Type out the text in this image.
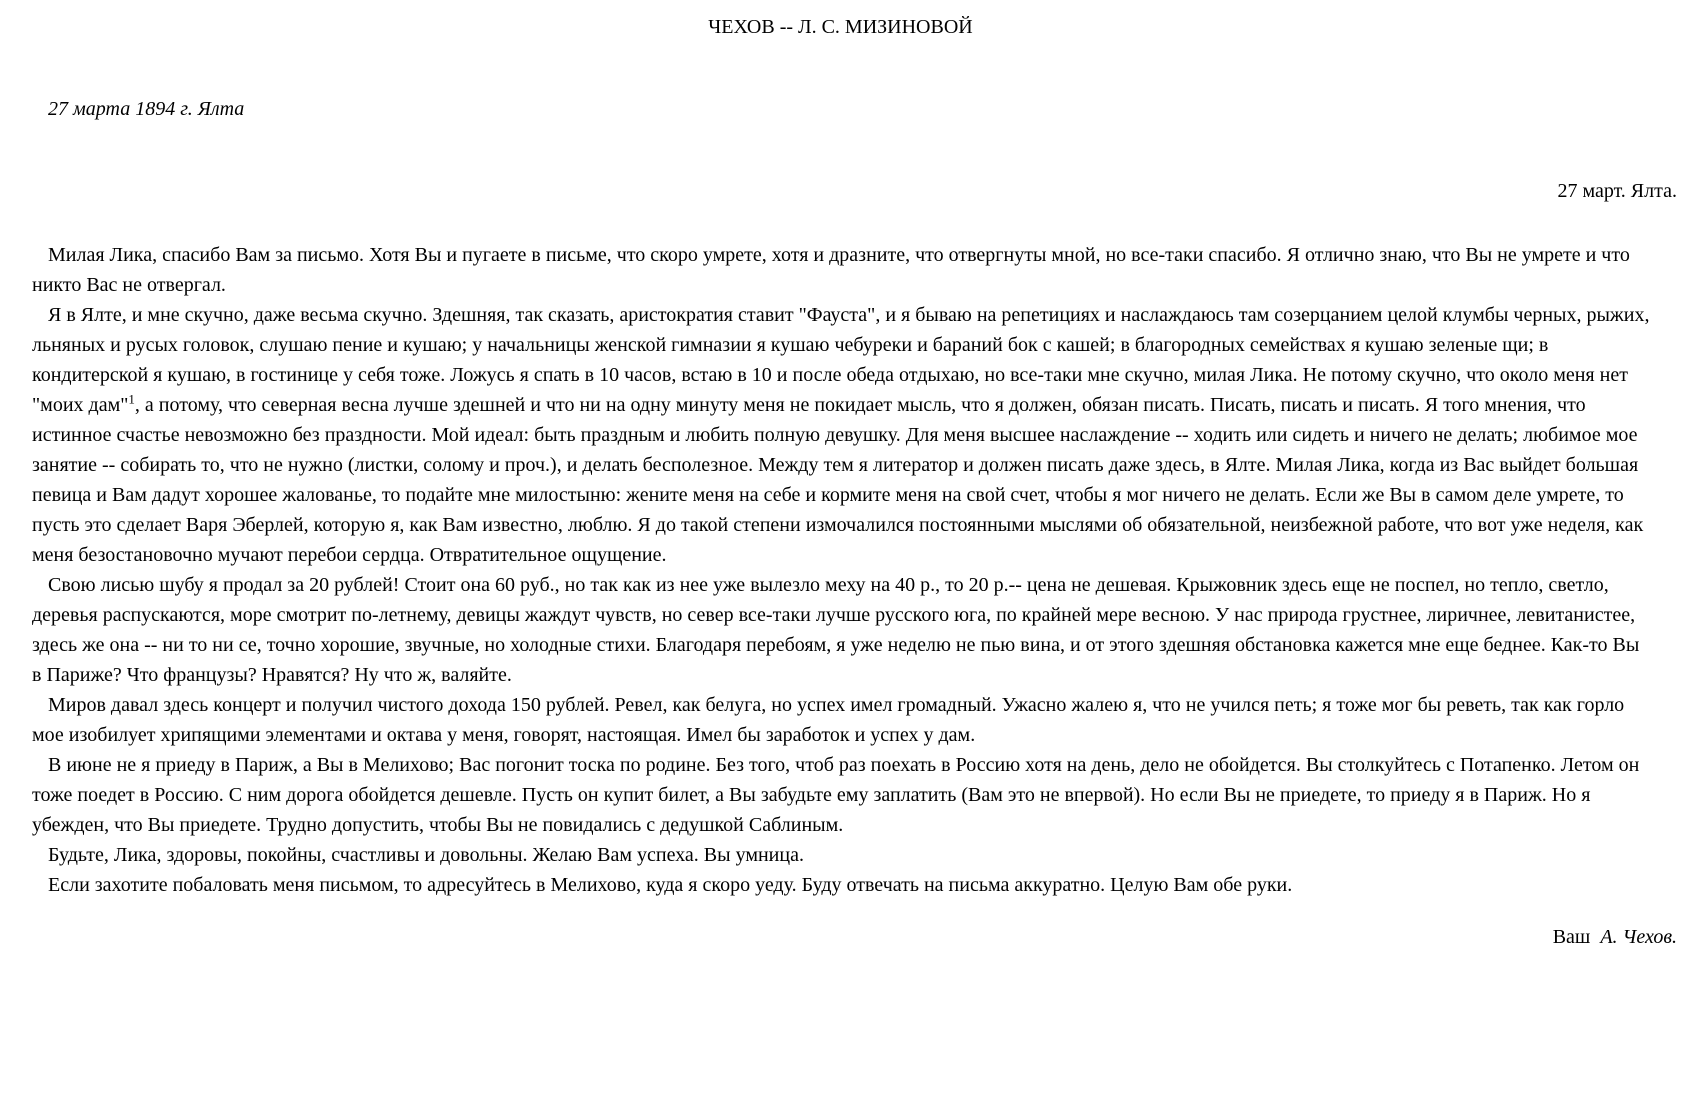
ЧЕХОВ -- Л. С. МИЗИНОВОЙ
27 марта 1894 г. Ялта
27 март. Ялта.

Милая Лика, спасибо Вам за письмо. Хотя Вы и пугаете в письме, что скоро умрете, хотя и дразните, что отвергнуты мной, но все-таки спасибо. Я отлично знаю, что Вы не умрете и что никто Вас не отвергал.

Я в Ялте, и мне скучно, даже весьма скучно. Здешняя, так сказать, аристократия ставит "Фауста", и я бываю на репетициях и наслаждаюсь там созерцанием целой клумбы черных, рыжих, льняных и русых головок, слушаю пение и кушаю; у начальницы женской гимназии я кушаю чебуреки и бараний бок с кашей; в благородных семействах я кушаю зеленые щи; в кондитерской я кушаю, в гостинице у себя тоже. Ложусь я спать в 10 часов, встаю в 10 и после обеда отдыхаю, но все-таки мне скучно, милая Лика. Не потому скучно, что около меня нет "моих дам"$^1$, а потому, что северная весна лучше здешней и что ни на одну минуту меня не покидает мысль, что я должен, обязан писать. Писать, писать и писать. Я того мнения, что истинное счастье невозможно без праздности. Мой идеал: быть праздным и любить полную девушку. Для меня высшее наслаждение -- ходить или сидеть и ничего не делать; любимое мое занятие -- собирать то, что не нужно (листки, солому и проч.), и делать бесполезное. Между тем я литератор и должен писать даже здесь, в Ялте. Милая Лика, когда из Вас выйдет большая певица и Вам дадут хорошее жалованье, то подайте мне милостыню: жените меня на себе и кормите меня на свой счет, чтобы я мог ничего не делать. Если же Вы в самом деле умрете, то пусть это сделает Варя Эберлей, которую я, как Вам известно, люблю. Я до такой степени измочалился постоянными мыслями об обязательной, неизбежной работе, что вот уже неделя, как меня безостановочно мучают перебои сердца. Отвратительное ощущение.

Свою лисью шубу я продал за 20 рублей! Стоит она 60 руб., но так как из нее уже вылезло меху на 40 р., то 20 р.-- цена не дешевая. Крыжовник здесь еще не поспел, но тепло, светло, деревья распускаются, море смотрит по-летнему, девицы жаждут чувств, но север все-таки лучше русского юга, по крайней мере весною. У нас природа грустнее, лиричнее, левитанистее, здесь же она -- ни то ни се, точно хорошие, звучные, но холодные стихи. Благодаря перебоям, я уже неделю не пью вина, и от этого здешняя обстановка кажется мне еще беднее. Как-то Вы в Париже? Что французы? Нравятся? Ну что ж, валяйте.

Миров давал здесь концерт и получил чистого дохода 150 рублей. Ревел, как белуга, но успех имел громадный. Ужасно жалею я, что не учился петь; я тоже мог бы реветь, так как горло мое изобилует хрипящими элементами и октава у меня, говорят, настоящая. Имел бы заработок и успех у дам.

В июне не я приеду в Париж, а Вы в Мелихово; Вас погонит тоска по родине. Без того, чтоб раз поехать в Россию хотя на день, дело не обойдется. Вы столкуйтесь с Потапенко. Летом он тоже поедет в Россию. С ним дорога обойдется дешевле. Пусть он купит билет, а Вы забудьте ему заплатить (Вам это не впервой). Но если Вы не приедете, то приеду я в Париж. Но я убежден, что Вы приедете. Трудно допустить, чтобы Вы не повидались с дедушкой Саблиным.

Будьте, Лика, здоровы, покойны, счастливы и довольны. Желаю Вам успеха. Вы умница.

Если захотите побаловать меня письмом, то адресуйтесь в Мелихово, куда я скоро уеду. Буду отвечать на письма аккуратно. Целую Вам обе руки.

Ваш А. Чехов.
